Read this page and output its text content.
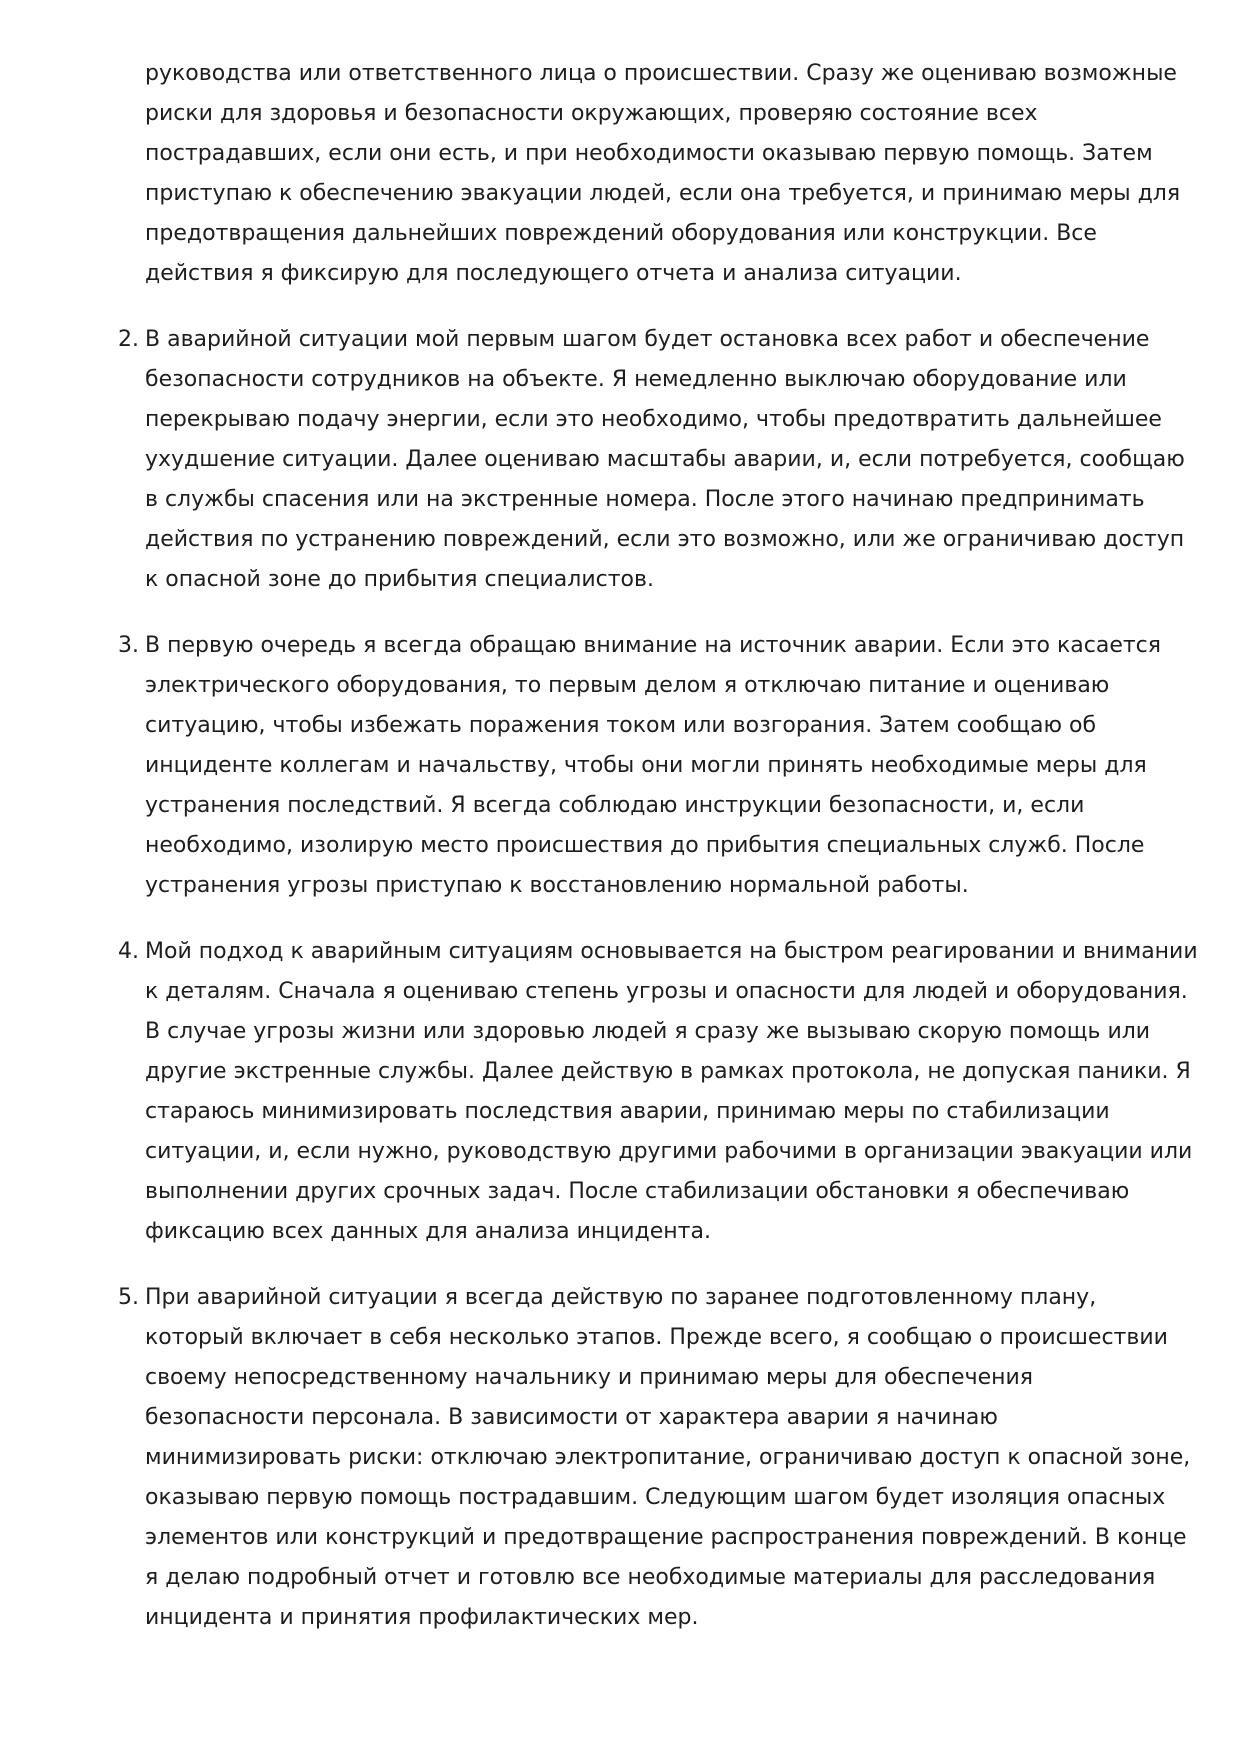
руководства или ответственного лица о происшествии. Сразу же оцениваю возможные риски для здоровья и безопасности окружающих, проверяю состояние всех пострадавших, если они есть, и при необходимости оказываю первую помощь. Затем приступаю к обеспечению эвакуации людей, если она требуется, и принимаю меры для предотвращения дальнейших повреждений оборудования или конструкции. Все действия я фиксирую для последующего отчета и анализа ситуации.
2. В аварийной ситуации мой первым шагом будет остановка всех работ и обеспечение безопасности сотрудников на объекте. Я немедленно выключаю оборудование или перекрываю подачу энергии, если это необходимо, чтобы предотвратить дальнейшее ухудшение ситуации. Далее оцениваю масштабы аварии, и, если потребуется, сообщаю в службы спасения или на экстренные номера. После этого начинаю предпринимать действия по устранению повреждений, если это возможно, или же ограничиваю доступ к опасной зоне до прибытия специалистов.
3. В первую очередь я всегда обращаю внимание на источник аварии. Если это касается электрического оборудования, то первым делом я отключаю питание и оцениваю ситуацию, чтобы избежать поражения током или возгорания. Затем сообщаю об инциденте коллегам и начальству, чтобы они могли принять необходимые меры для устранения последствий. Я всегда соблюдаю инструкции безопасности, и, если необходимо, изолирую место происшествия до прибытия специальных служб. После устранения угрозы приступаю к восстановлению нормальной работы.
4. Мой подход к аварийным ситуациям основывается на быстром реагировании и внимании к деталям. Сначала я оцениваю степень угрозы и опасности для людей и оборудования. В случае угрозы жизни или здоровью людей я сразу же вызываю скорую помощь или другие экстренные службы. Далее действую в рамках протокола, не допуская паники. Я стараюсь минимизировать последствия аварии, принимаю меры по стабилизации ситуации, и, если нужно, руководствую другими рабочими в организации эвакуации или выполнении других срочных задач. После стабилизации обстановки я обеспечиваю фиксацию всех данных для анализа инцидента.
5. При аварийной ситуации я всегда действую по заранее подготовленному плану, который включает в себя несколько этапов. Прежде всего, я сообщаю о происшествии своему непосредственному начальнику и принимаю меры для обеспечения безопасности персонала. В зависимости от характера аварии я начинаю минимизировать риски: отключаю электропитание, ограничиваю доступ к опасной зоне, оказываю первую помощь пострадавшим. Следующим шагом будет изоляция опасных элементов или конструкций и предотвращение распространения повреждений. В конце я делаю подробный отчет и готовлю все необходимые материалы для расследования инцидента и принятия профилактических мер.
